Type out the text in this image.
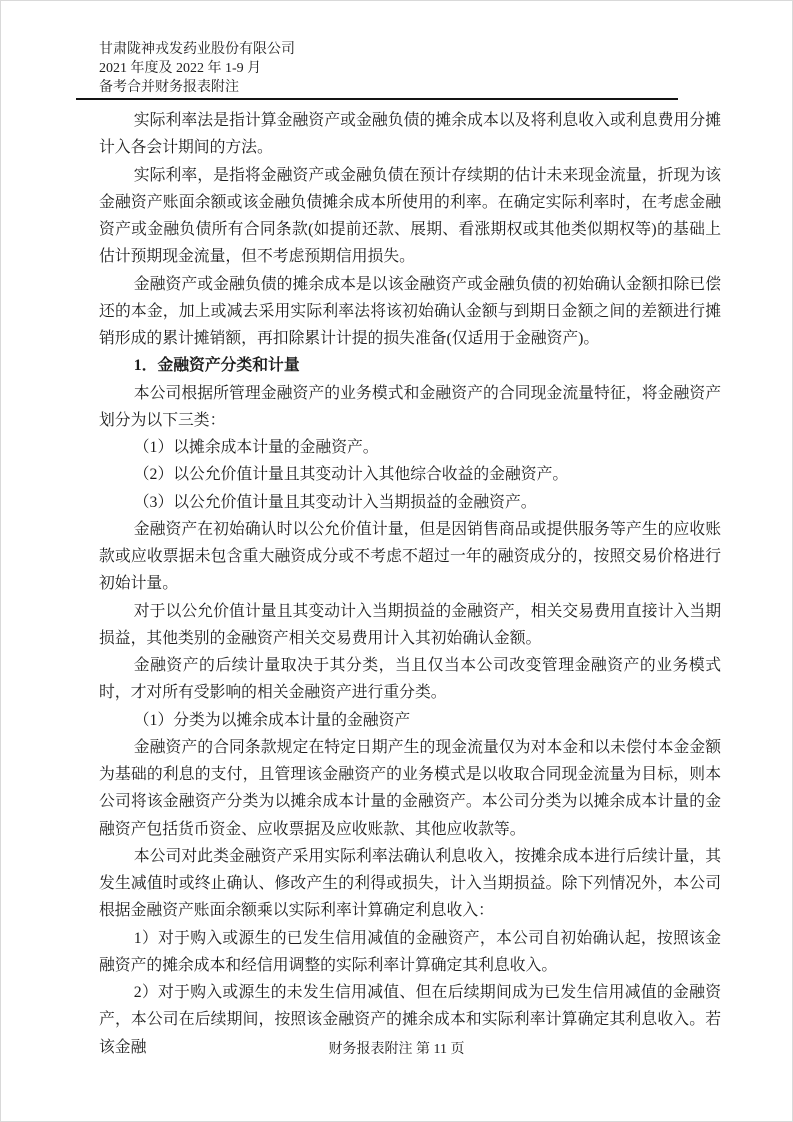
甘肃陇神戎发药业股份有限公司
2021 年度及 2022 年 1-9 月
备考合并财务报表附注

实际利率法是指计算金融资产或金融负债的摊余成本以及将利息收入或利息费用分摊计入各会计期间的方法。

实际利率，是指将金融资产或金融负债在预计存续期的估计未来现金流量，折现为该金融资产账面余额或该金融负债摊余成本所使用的利率。在确定实际利率时，在考虑金融资产或金融负债所有合同条款(如提前还款、展期、看涨期权或其他类似期权等)的基础上估计预期现金流量，但不考虑预期信用损失。

金融资产或金融负债的摊余成本是以该金融资产或金融负债的初始确认金额扣除已偿还的本金，加上或减去采用实际利率法将该初始确认金额与到期日金额之间的差额进行摊销形成的累计摊销额，再扣除累计计提的损失准备(仅适用于金融资产)。

1．金融资产分类和计量

本公司根据所管理金融资产的业务模式和金融资产的合同现金流量特征，将金融资产划分为以下三类：

（1）以摊余成本计量的金融资产。

（2）以公允价值计量且其变动计入其他综合收益的金融资产。

（3）以公允价值计量且其变动计入当期损益的金融资产。

金融资产在初始确认时以公允价值计量，但是因销售商品或提供服务等产生的应收账款或应收票据未包含重大融资成分或不考虑不超过一年的融资成分的，按照交易价格进行初始计量。

对于以公允价值计量且其变动计入当期损益的金融资产，相关交易费用直接计入当期损益，其他类别的金融资产相关交易费用计入其初始确认金额。

金融资产的后续计量取决于其分类，当且仅当本公司改变管理金融资产的业务模式时，才对所有受影响的相关金融资产进行重分类。

（1）分类为以摊余成本计量的金融资产

金融资产的合同条款规定在特定日期产生的现金流量仅为对本金和以未偿付本金金额为基础的利息的支付，且管理该金融资产的业务模式是以收取合同现金流量为目标，则本公司将该金融资产分类为以摊余成本计量的金融资产。本公司分类为以摊余成本计量的金融资产包括货币资金、应收票据及应收账款、其他应收款等。

本公司对此类金融资产采用实际利率法确认利息收入，按摊余成本进行后续计量，其发生减值时或终止确认、修改产生的利得或损失，计入当期损益。除下列情况外，本公司根据金融资产账面余额乘以实际利率计算确定利息收入：

1）对于购入或源生的已发生信用减值的金融资产，本公司自初始确认起，按照该金融资产的摊余成本和经信用调整的实际利率计算确定其利息收入。

2）对于购入或源生的未发生信用减值、但在后续期间成为已发生信用减值的金融资产，本公司在后续期间，按照该金融资产的摊余成本和实际利率计算确定其利息收入。若该金融	财务报表附注 第 11 页
